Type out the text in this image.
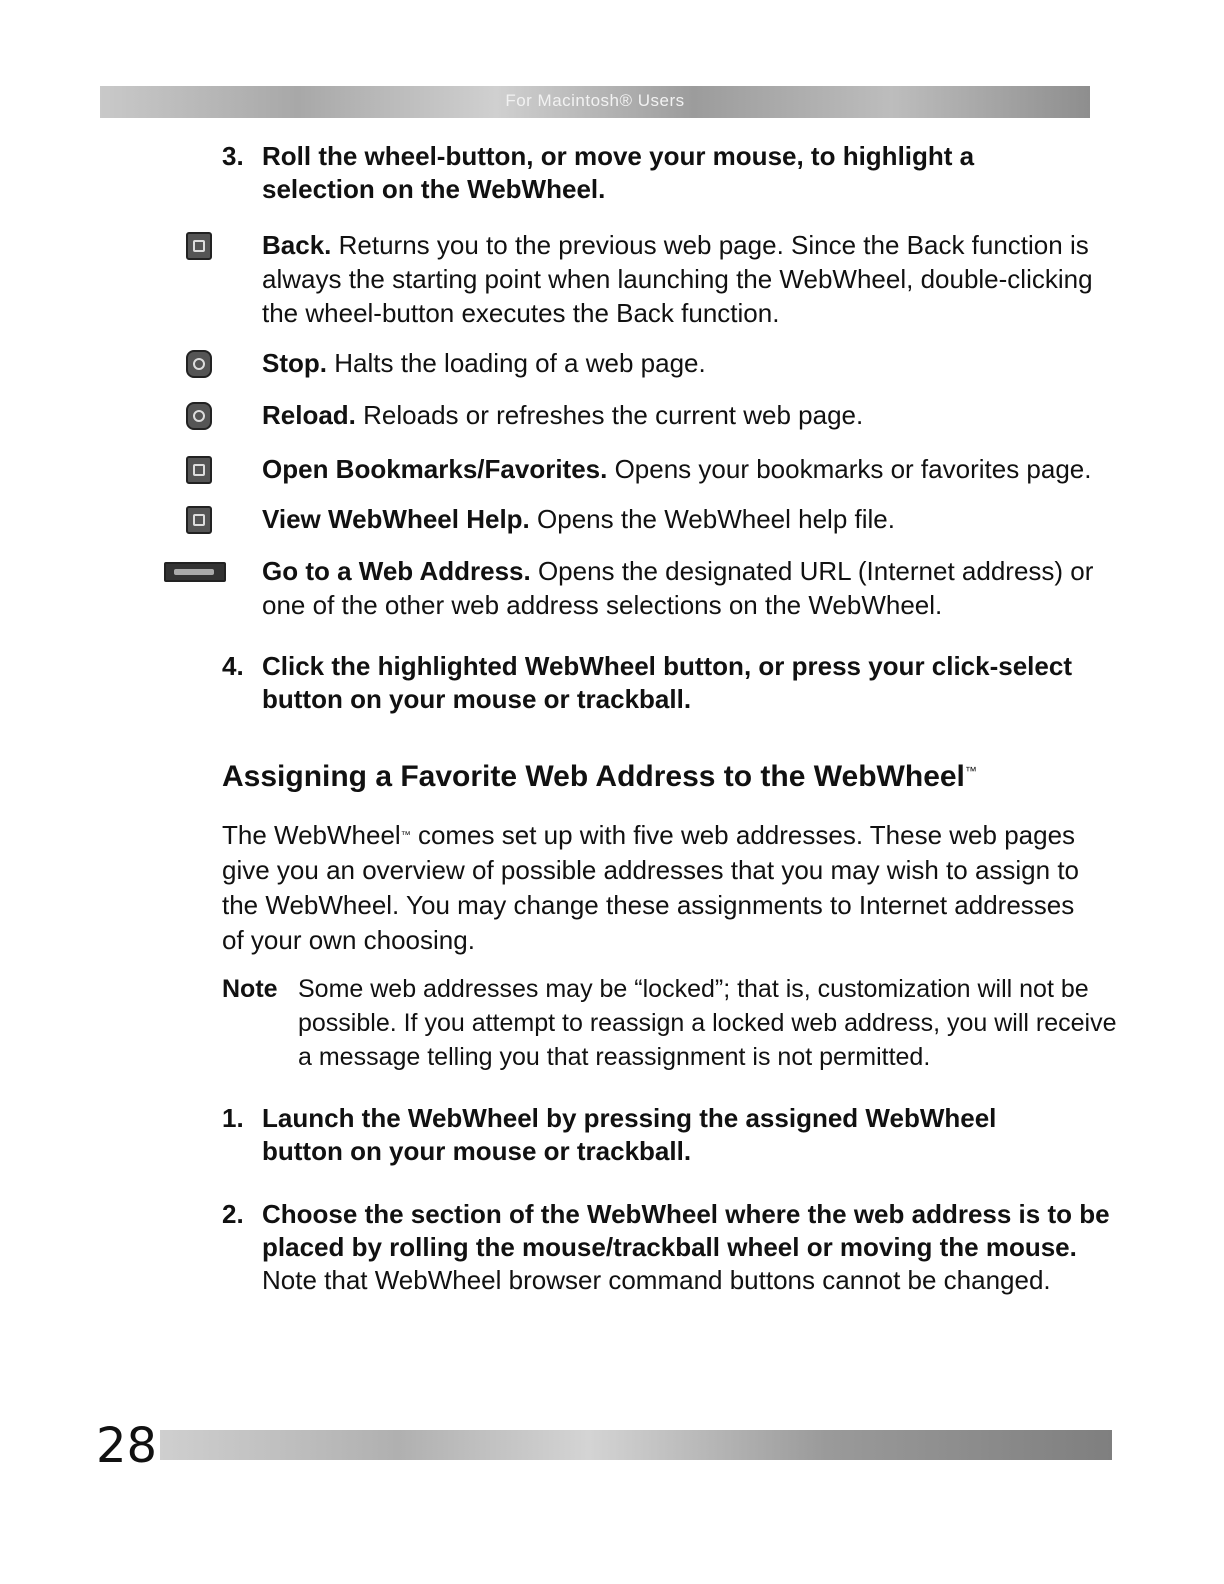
For Macintosh® Users
3. Roll the wheel-button, or move your mouse, to highlight a selection on the WebWheel.
Back. Returns you to the previous web page. Since the Back function is always the starting point when launching the WebWheel, double-clicking the wheel-button executes the Back function.
Stop. Halts the loading of a web page.
Reload. Reloads or refreshes the current web page.
Open Bookmarks/Favorites. Opens your bookmarks or favorites page.
View WebWheel Help. Opens the WebWheel help file.
Go to a Web Address. Opens the designated URL (Internet address) or one of the other web address selections on the WebWheel.
4. Click the highlighted WebWheel button, or press your click-select button on your mouse or trackball.
Assigning a Favorite Web Address to the WebWheel™
The WebWheel™ comes set up with five web addresses. These web pages give you an overview of possible addresses that you may wish to assign to the WebWheel. You may change these assignments to Internet addresses of your own choosing.
Note Some web addresses may be “locked”; that is, customization will not be possible. If you attempt to reassign a locked web address, you will receive a message telling you that reassignment is not permitted.
1. Launch the WebWheel by pressing the assigned WebWheel button on your mouse or trackball.
2. Choose the section of the WebWheel where the web address is to be placed by rolling the mouse/trackball wheel or moving the mouse. Note that WebWheel browser command buttons cannot be changed.
28
